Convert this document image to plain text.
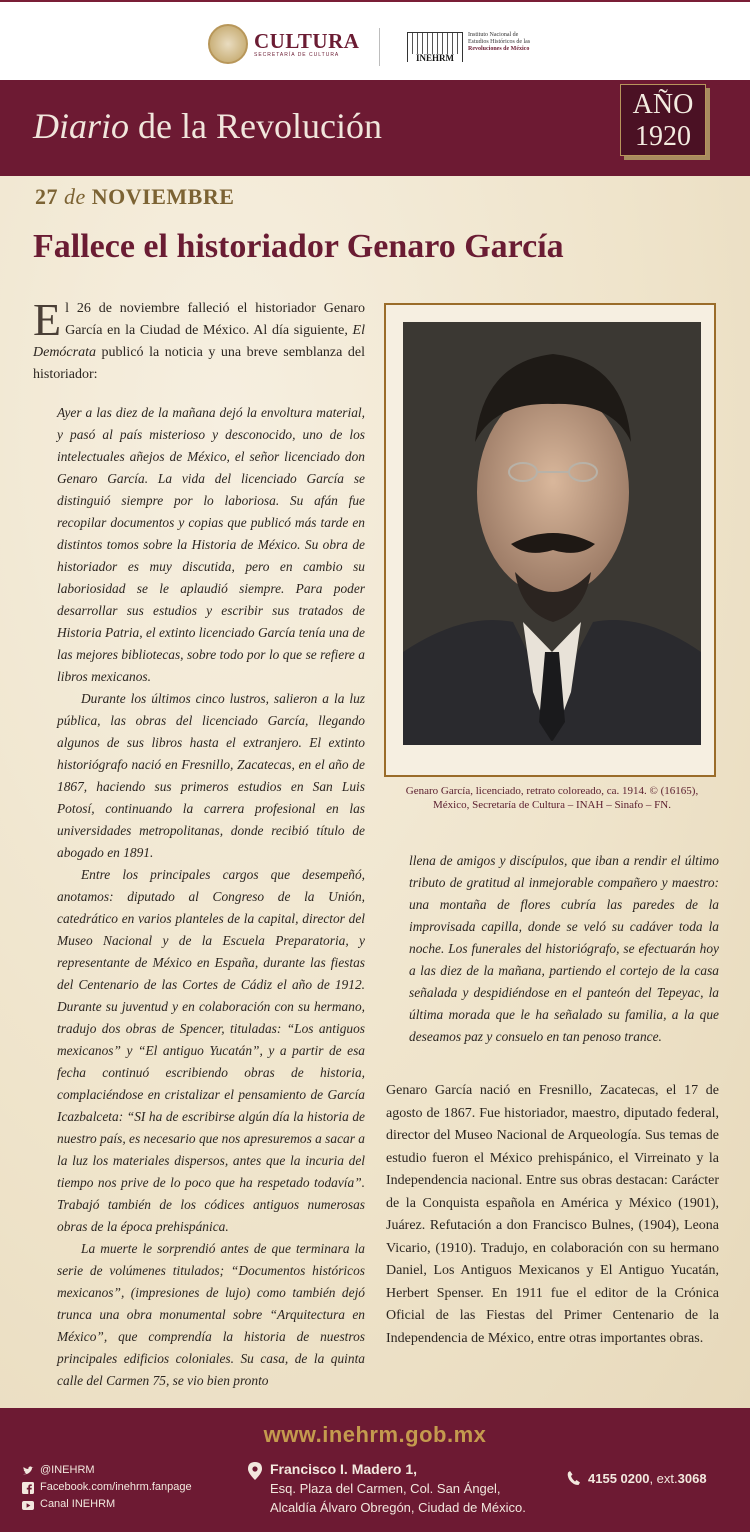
CULTURA
SECRETARÍA DE CULTURA	INEHRM
Instituto Nacional de
Estudios Históricos de las
Revoluciones de México
Diario de la Revolución
AÑO
1920
27 de NOVIEMBRE
Fallece el historiador Genaro García
El 26 de noviembre falleció el historiador Genaro García en la Ciudad de México. Al día siguiente, El Demócrata publicó la noticia y una breve semblanza del historiador:
Ayer a las diez de la mañana dejó la envoltura material, y pasó al país misterioso y desconocido, uno de los intelectuales añejos de México, el señor licenciado don Genaro García. La vida del licenciado García se distinguió siempre por lo laboriosa. Su afán fue recopilar documentos y copias que publicó más tarde en distintos tomos sobre la Historia de México. Su obra de historiador es muy discutida, pero en cambio su laboriosidad se le aplaudió siempre. Para poder desarrollar sus estudios y escribir sus tratados de Historia Patria, el extinto licenciado García tenía una de las mejores bibliotecas, sobre todo por lo que se refiere a libros mexicanos.
Durante los últimos cinco lustros, salieron a la luz pública, las obras del licenciado García, llegando algunos de sus libros hasta el extranjero. El extinto historiógrafo nació en Fresnillo, Zacatecas, en el año de 1867, haciendo sus primeros estudios en San Luis Potosí, continuando la carrera profesional en las universidades metropolitanas, donde recibió título de abogado en 1891.
Entre los principales cargos que desempeñó, anotamos: diputado al Congreso de la Unión, catedrático en varios planteles de la capital, director del Museo Nacional y de la Escuela Preparatoria, y representante de México en España, durante las fiestas del Centenario de las Cortes de Cádiz el año de 1912. Durante su juventud y en colaboración con su hermano, tradujo dos obras de Spencer, tituladas: “Los antiguos mexicanos” y “El antiguo Yucatán”, y a partir de esa fecha continuó escribiendo obras de historia, complaciéndose en cristalizar el pensamiento de García Icazbalceta: “SI ha de escribirse algún día la historia de nuestro país, es necesario que nos apresuremos a sacar a la luz los materiales dispersos, antes que la incuria del tiempo nos prive de lo poco que ha respetado todavía”. Trabajó también de los códices antiguos numerosas obras de la época prehispánica.
La muerte le sorprendió antes de que terminara la serie de volúmenes titulados; “Documentos históricos mexicanos”, (impresiones de lujo) como también dejó trunca una obra monumental sobre “Arquitectura en México”, que comprendía la historia de nuestros principales edificios coloniales. Su casa, de la quinta calle del Carmen 75, se vio bien pronto
llena de amigos y discípulos, que iban a rendir el último tributo de gratitud al inmejorable compañero y maestro: una montaña de flores cubría las paredes de la improvisada capilla, donde se veló su cadáver toda la noche. Los funerales del historiógrafo, se efectuarán hoy a las diez de la mañana, partiendo el cortejo de la casa señalada y despidiéndose en el panteón del Tepeyac, la última morada que le ha señalado su familia, a la que deseamos paz y consuelo en tan penoso trance.
Genaro García nació en Fresnillo, Zacatecas, el 17 de agosto de 1867. Fue historiador, maestro, diputado federal, director del Museo Nacional de Arqueología. Sus temas de estudio fueron el México prehispánico, el Virreinato y la Independencia nacional. Entre sus obras destacan: Carácter de la Conquista española en América y México (1901), Juárez. Refutación a don Francisco Bulnes, (1904), Leona Vicario, (1910). Tradujo, en colaboración con su hermano Daniel, Los Antiguos Mexicanos y El Antiguo Yucatán, Herbert Spenser. En 1911 fue el editor de la Crónica Oficial de las Fiestas del Primer Centenario de la Independencia de México, entre otras importantes obras.
Genaro García, licenciado, retrato coloreado, ca. 1914. © (16165),
México, Secretaría de Cultura – INAH – Sinafo – FN.
www.inehrm.gob.mx
@INEHRM
Facebook.com/inehrm.fanpage
Canal INEHRM
Francisco I. Madero 1,
Esq. Plaza del Carmen, Col. San Ángel,
Alcaldía Álvaro Obregón, Ciudad de México.
4155 0200 , ext. 3068
